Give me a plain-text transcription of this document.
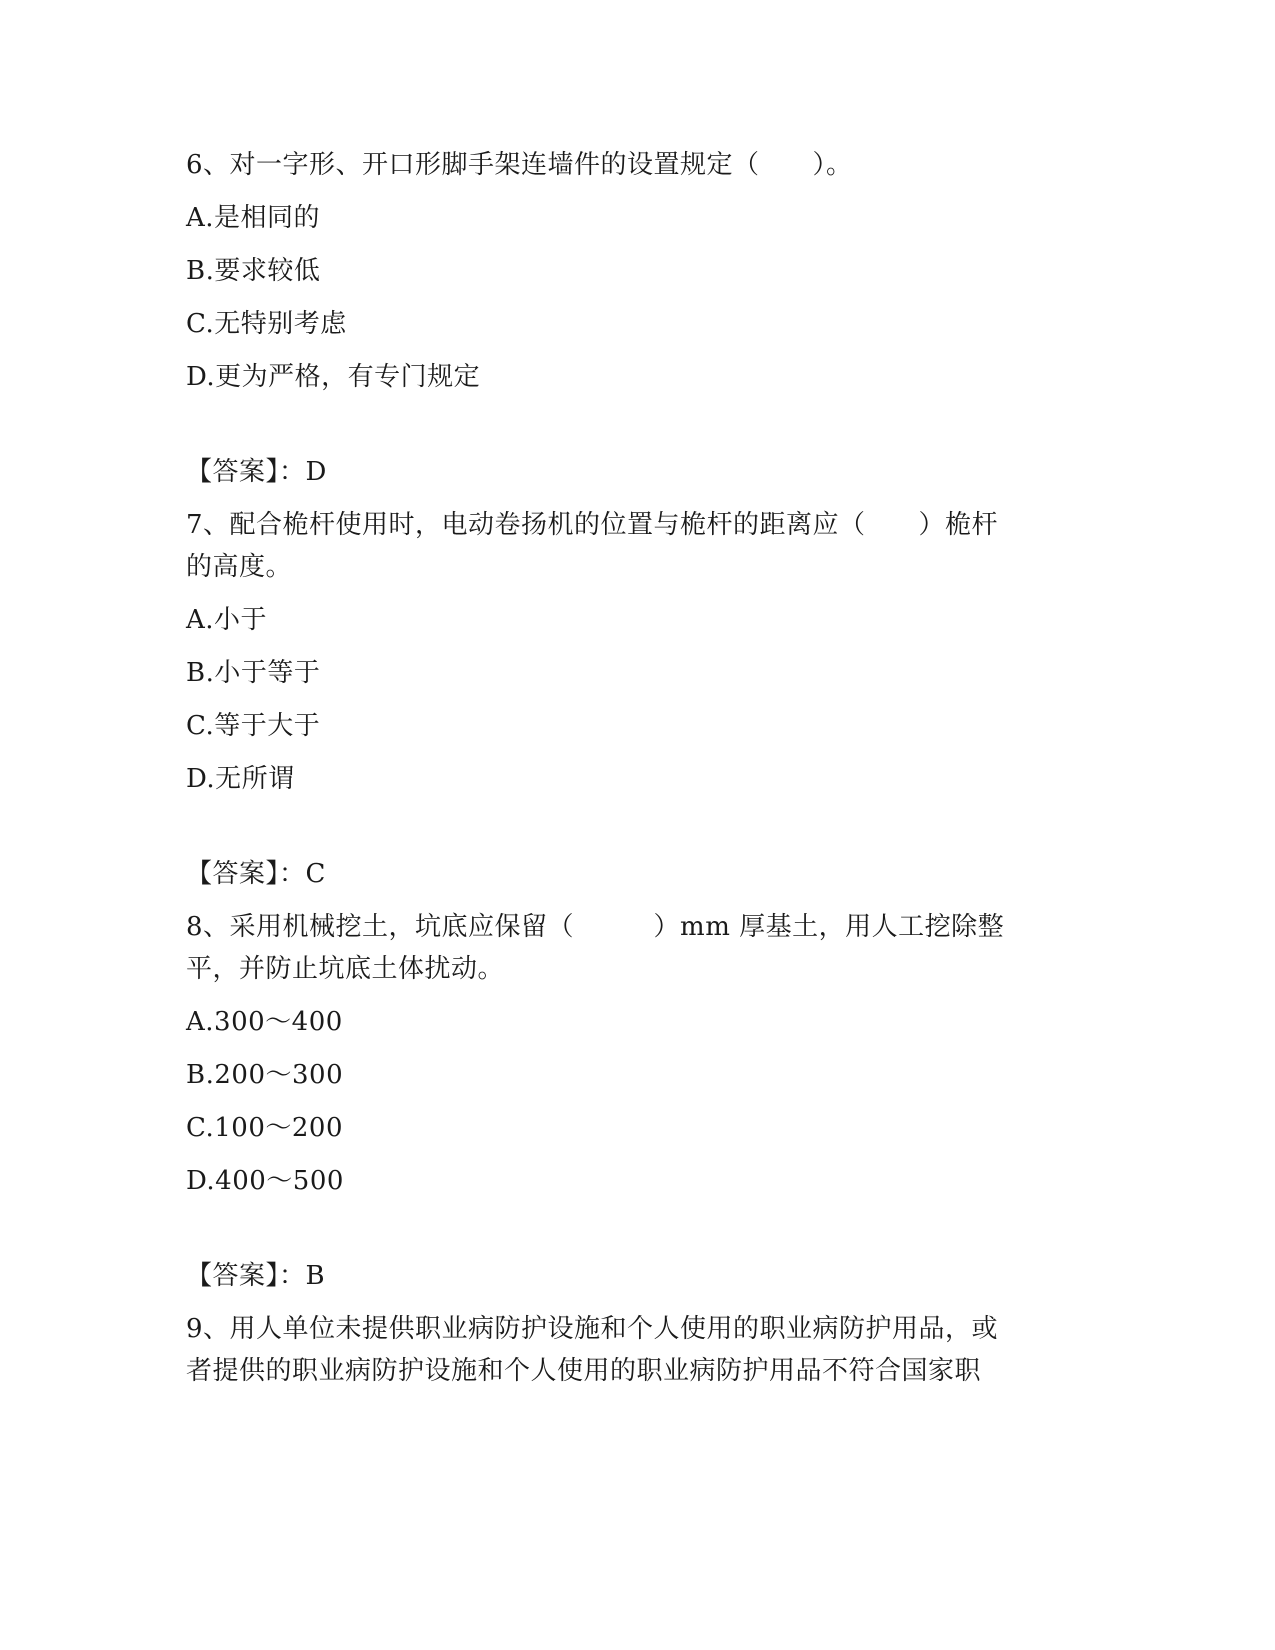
6、对一字形、开口形脚手架连墙件的设置规定（　　）。
A.是相同的
B.要求较低
C.无特别考虑
D.更为严格，有专门规定
【答案】：D
7、配合桅杆使用时，电动卷扬机的位置与桅杆的距离应（　　）桅杆
的高度。
A.小于
B.小于等于
C.等于大于
D.无所谓
【答案】：C
8、采用机械挖土，坑底应保留（　　　）mm 厚基土，用人工挖除整
平，并防止坑底土体扰动。
A.300～400
B.200～300
C.100～200
D.400～500
【答案】：B
9、用人单位未提供职业病防护设施和个人使用的职业病防护用品，或
者提供的职业病防护设施和个人使用的职业病防护用品不符合国家职
